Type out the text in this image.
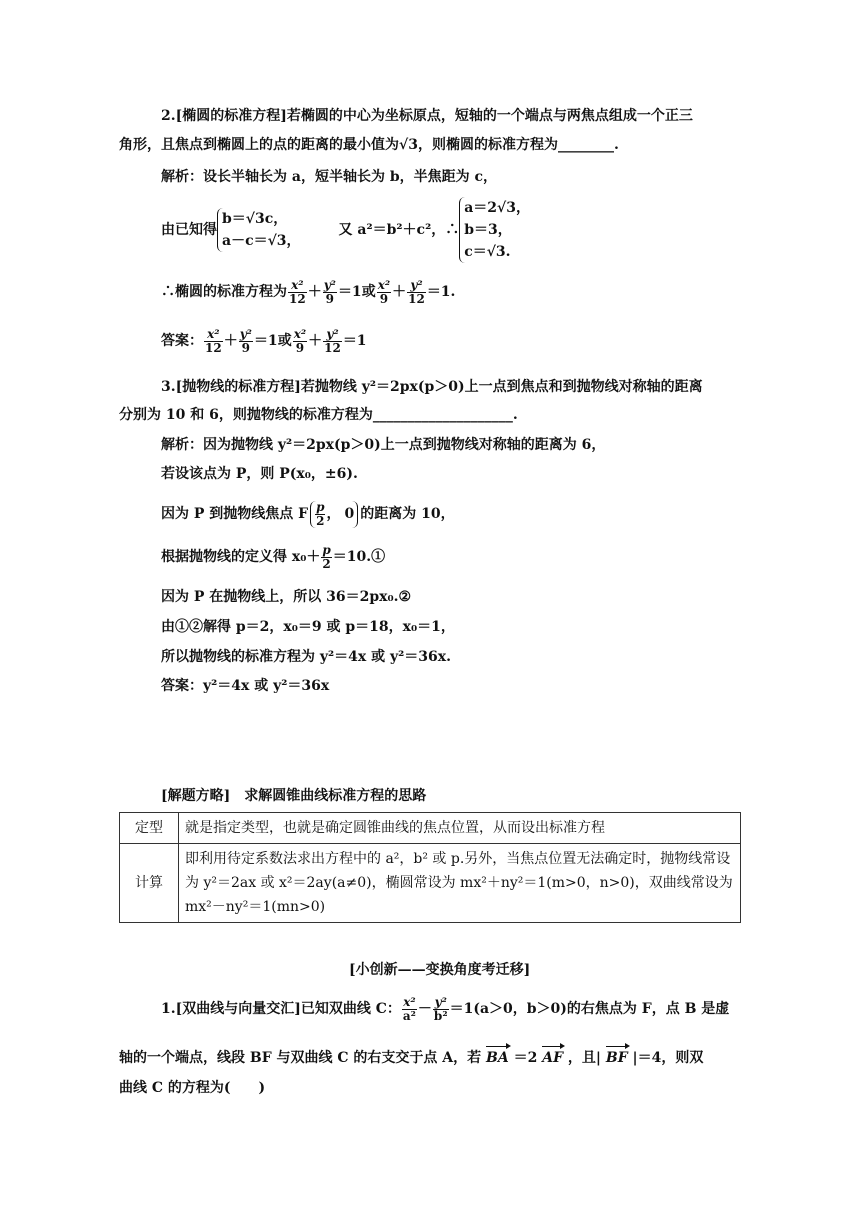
2.[椭圆的标准方程]若椭圆的中心为坐标原点，短轴的一个端点与两焦点组成一个正三
角形，且焦点到椭圆上的点的距离的最小值为√3，则椭圆的标准方程为________.
解析：设长半轴长为 a，短半轴长为 b，半焦距为 c，
由已知得
b＝√3c，
a－c＝√3，
又 a²＝b²＋c²，∴
a＝2√3，
b＝3，
c＝√3.
∴椭圆的标准方程为 $\frac{\text{x²}}{12} + \frac{\text{y²}}{9} =1$ 或 $\frac{\text{x²}}{9} + \frac{\text{y²}}{12} =1$.
答案： $\frac{\text{x²}}{12} + \frac{\text{y²}}{9} =1$ 或 $\frac{\text{x²}}{9} + \frac{\text{y²}}{12} =1$
3.[抛物线的标准方程]若抛物线 y²＝2px(p＞0)上一点到焦点和到抛物线对称轴的距离
分别为 10 和 6，则抛物线的标准方程为____________________.
解析：因为抛物线 y²＝2px(p＞0)上一点到抛物线对称轴的距离为 6，
若设该点为 P，则 P(x₀，±6).
因为 P 到抛物线焦点 F $\frac{p}{2}$ ， 0 的距离为 10，
根据抛物线的定义得 $x_0+ \frac{p}{2}$ ＝10.①
因为 P 在抛物线上，所以 36＝2px₀.②
由①②解得 p＝2，x₀＝9 或 p＝18，x₀＝1，
所以抛物线的标准方程为 y²＝4x 或 y²＝36x.
答案：y²＝4x 或 y²＝36x
[解题方略]　求解圆锥曲线标准方程的思路
定型	就是指定类型，也就是确定圆锥曲线的焦点位置，从而设出标准方程
计算	即利用待定系数法求出方程中的 a²，b² 或 p.另外，当焦点位置无法确定时，抛物线常设为 y²＝2ax 或 x²＝2ay(a≠0)，椭圆常设为 mx²＋ny²＝1(m>0，n>0)，双曲线常设为 mx²－ny²＝1(mn>0)
[小创新——变换角度考迁移]
1.[双曲线与向量交汇]已知双曲线 C： $\frac{\text{x²}}{\text{a²}} - \frac{\text{y²}}{\text{b²}} =1(a>0$，b＞0)的右焦点为 F，点 B 是虚
轴的一个端点，线段 BF 与双曲线 C 的右支交于点 A，若 BA ＝2 AF ，且| BF |＝4，则双
曲线 C 的方程为(　　)
